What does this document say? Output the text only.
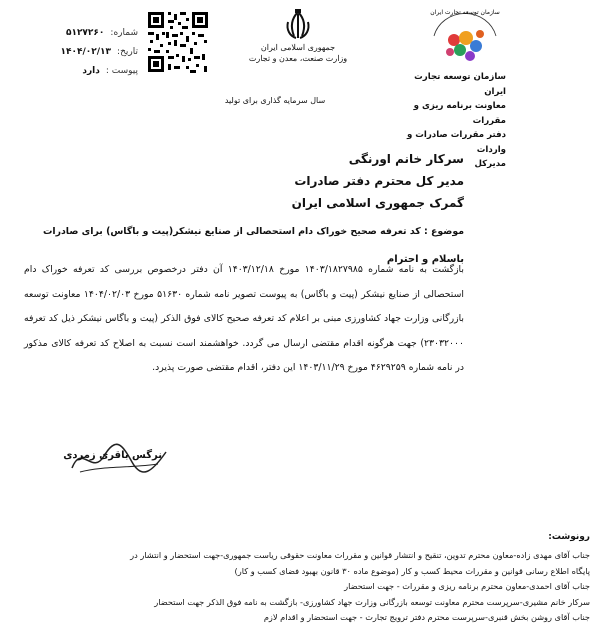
سازمان توسعه تجارت ایران
سازمان توسعه تجارت ایران
معاونت برنامه ریزی و مقررات
دفتر مقررات صادرات و واردات
مدیرکل
جمهوری اسلامی ایران
وزارت صنعت، معدن و تجارت
سال سرمایه گذاری برای تولید
شماره:
۵۱۲۷۲۶۰
تاریخ:
۱۴۰۴/۰۲/۱۳
پیوست :
دارد
سرکار خانم اورنگی
مدیر کل محترم دفتر صادرات
گمرک جمهوری اسلامی ایران
موضوع : کد تعرفه صحیح خوراک دام استحصالی از صنایع نیشکر(پیت و باگاس) برای صادرات
باسلام و احترام
بازگشت به نامه شماره ۱۴۰۳/۱۸۲۷۹۸۵ مورخ ۱۴۰۳/۱۲/۱۸ آن دفتر درخصوص بررسی کد تعرفه خوراک دام استحصالی از صنایع نیشکر (پیت و باگاس) به پیوست تصویر نامه شماره ۵۱۶۳۰ مورخ ۱۴۰۴/۰۲/۰۳ معاونت توسعه بازرگانی وزارت جهاد کشاورزی مبنی بر اعلام کد تعرفه صحیح کالای فوق الذکر (پیت و باگاس نیشکر ذیل کد تعرفه ۲۳۰۳۲۰۰۰) جهت هرگونه اقدام مقتضی ارسال می گردد. خواهشمند است نسبت به اصلاح کد تعرفه کالای مذکور در نامه شماره ۴۶۲۹۲۵۹ مورخ ۱۴۰۳/۱۱/۲۹ این دفتر، اقدام مقتضی صورت پذیرد.
نرگس باقری زمردی
رونوشت:
جناب آقای مهدی زاده-معاون محترم تدوین، تنقیح و انتشار قوانین و مقررات معاونت حقوقی ریاست جمهوری-جهت استحضار و انتشار در
پایگاه اطلاع رسانی قوانین و مقررات محیط کسب و کار (موضوع ماده ۳۰ قانون بهبود فضای کسب و کار)
جناب آقای احمدی-معاون محترم برنامه ریزی و مقررات - جهت استحضار
سرکار خانم مشیری-سرپرست محترم معاونت توسعه بازرگانی وزارت جهاد کشاورزی- بازگشت به نامه فوق الذکر جهت استحضار
جناب آقای روشن بخش قنبری-سرپرست محترم دفتر ترویج تجارت - جهت استحضار و اقدام لازم
